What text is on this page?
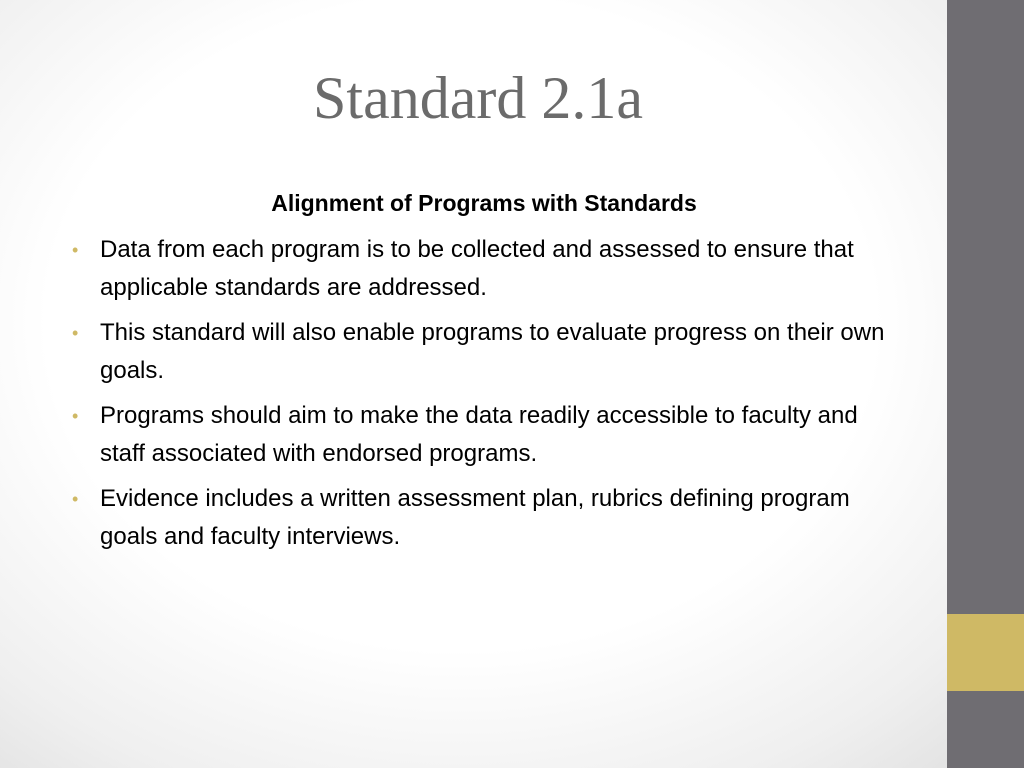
Standard 2.1a
Alignment of Programs with Standards
• Data from each program is to be collected and assessed to ensure that applicable standards are addressed.
• This standard will also enable programs to evaluate progress on their own goals.
• Programs should aim to make the data readily accessible to faculty and staff associated with endorsed programs.
• Evidence includes a written assessment plan, rubrics defining program goals and faculty interviews.
